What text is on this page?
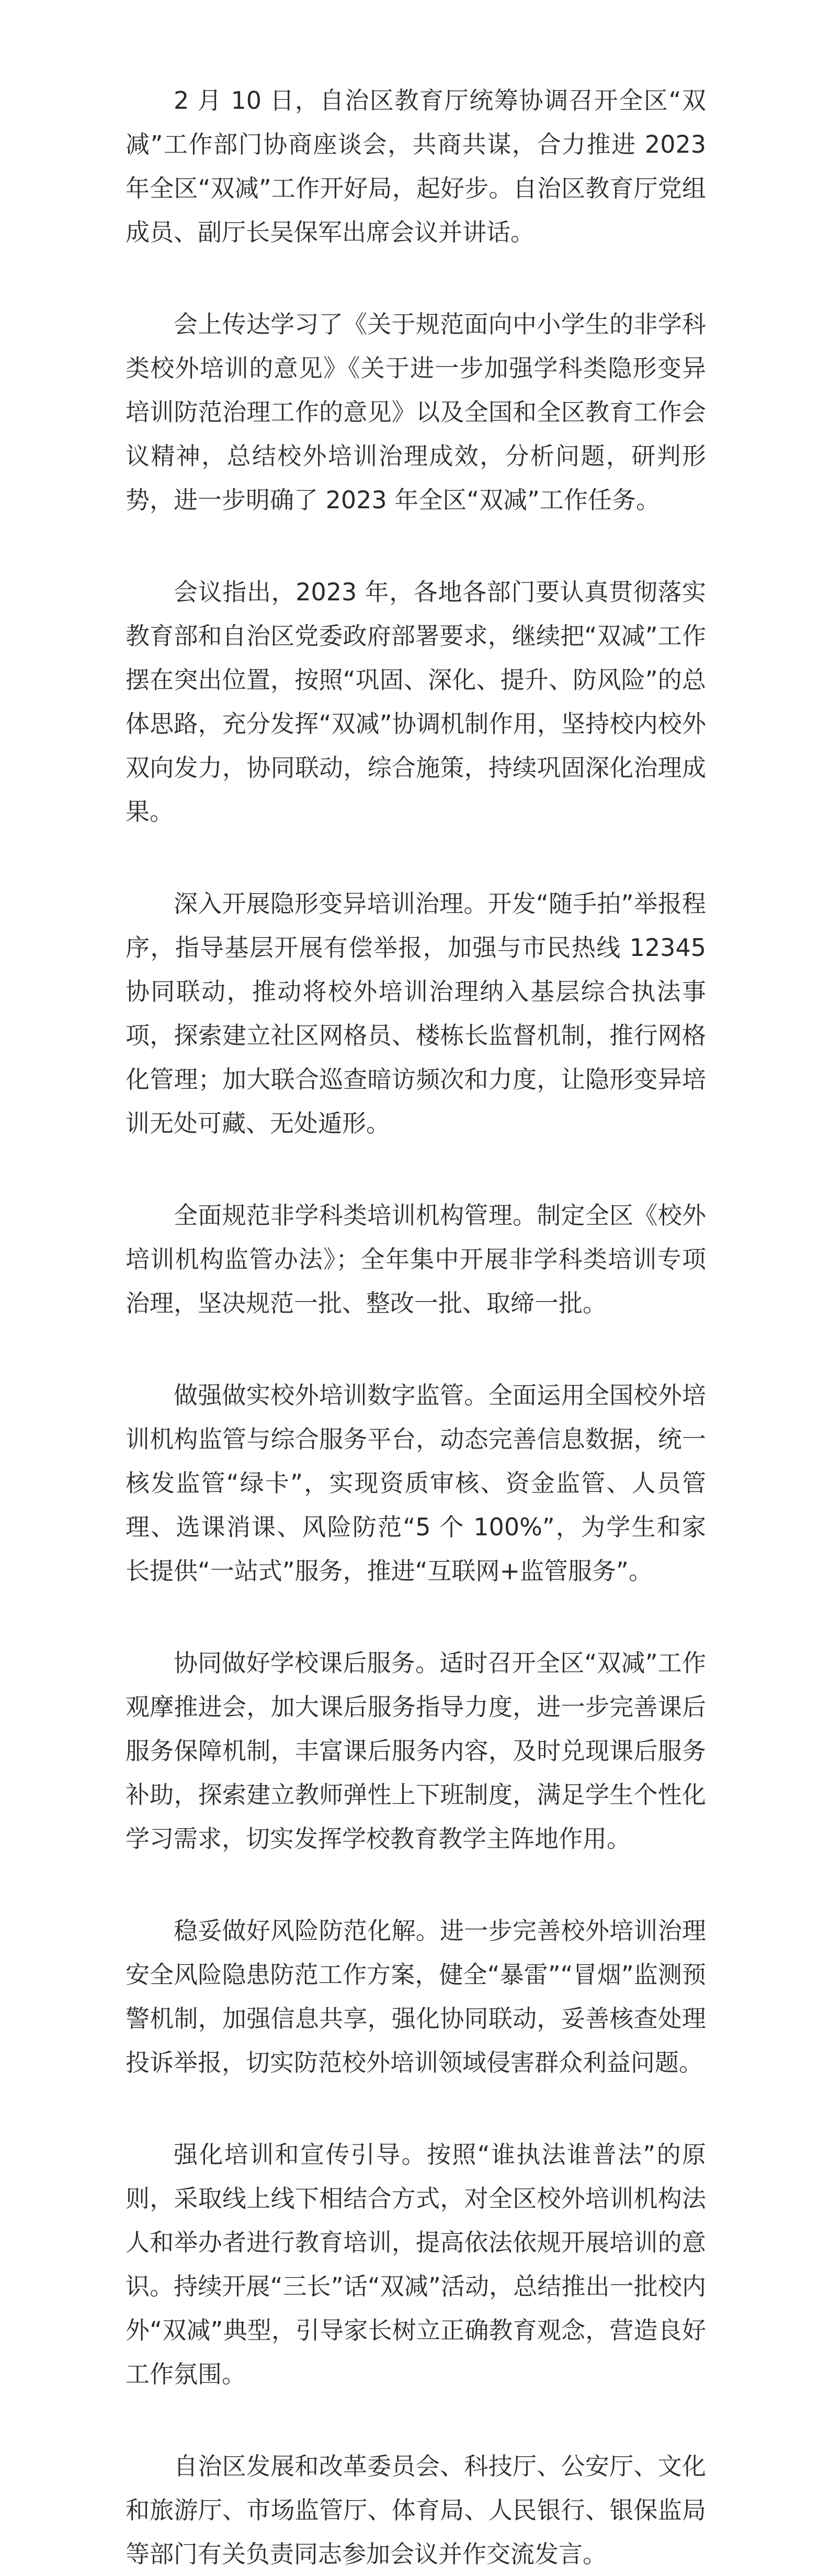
2 月 10 日，自治区教育厅统筹协调召开全区“双减”工作部门协商座谈会，共商共谋，合力推进 2023 年全区“双减”工作开好局，起好步。自治区教育厅党组成员、副厅长吴保军出席会议并讲话。

会上传达学习了《关于规范面向中小学生的非学科类校外培训的意见》《关于进一步加强学科类隐形变异培训防范治理工作的意见》以及全国和全区教育工作会议精神，总结校外培训治理成效，分析问题，研判形势，进一步明确了 2023 年全区“双减”工作任务。

会议指出，2023 年，各地各部门要认真贯彻落实教育部和自治区党委政府部署要求，继续把“双减”工作摆在突出位置，按照“巩固、深化、提升、防风险”的总体思路，充分发挥“双减”协调机制作用，坚持校内校外双向发力，协同联动，综合施策，持续巩固深化治理成果。

深入开展隐形变异培训治理。开发“随手拍”举报程序，指导基层开展有偿举报，加强与市民热线 12345 协同联动，推动将校外培训治理纳入基层综合执法事项，探索建立社区网格员、楼栋长监督机制，推行网格化管理；加大联合巡查暗访频次和力度，让隐形变异培训无处可藏、无处遁形。

全面规范非学科类培训机构管理。制定全区《校外培训机构监管办法》；全年集中开展非学科类培训专项治理，坚决规范一批、整改一批、取缔一批。

做强做实校外培训数字监管。全面运用全国校外培训机构监管与综合服务平台，动态完善信息数据，统一核发监管“绿卡”，实现资质审核、资金监管、人员管理、选课消课、风险防范“5 个 100%”，为学生和家长提供“一站式”服务，推进“互联网+监管服务”。

协同做好学校课后服务。适时召开全区“双减”工作观摩推进会，加大课后服务指导力度，进一步完善课后服务保障机制，丰富课后服务内容，及时兑现课后服务补助，探索建立教师弹性上下班制度，满足学生个性化学习需求，切实发挥学校教育教学主阵地作用。

稳妥做好风险防范化解。进一步完善校外培训治理安全风险隐患防范工作方案，健全“暴雷”“冒烟”监测预警机制，加强信息共享，强化协同联动，妥善核查处理投诉举报，切实防范校外培训领域侵害群众利益问题。

强化培训和宣传引导。按照“谁执法谁普法”的原则，采取线上线下相结合方式，对全区校外培训机构法人和举办者进行教育培训，提高依法依规开展培训的意识。持续开展“三长”话“双减”活动，总结推出一批校内外“双减”典型，引导家长树立正确教育观念，营造良好工作氛围。

自治区发展和改革委员会、科技厅、公安厅、文化和旅游厅、市场监管厅、体育局、人民银行、银保监局等部门有关负责同志参加会议并作交流发言。
